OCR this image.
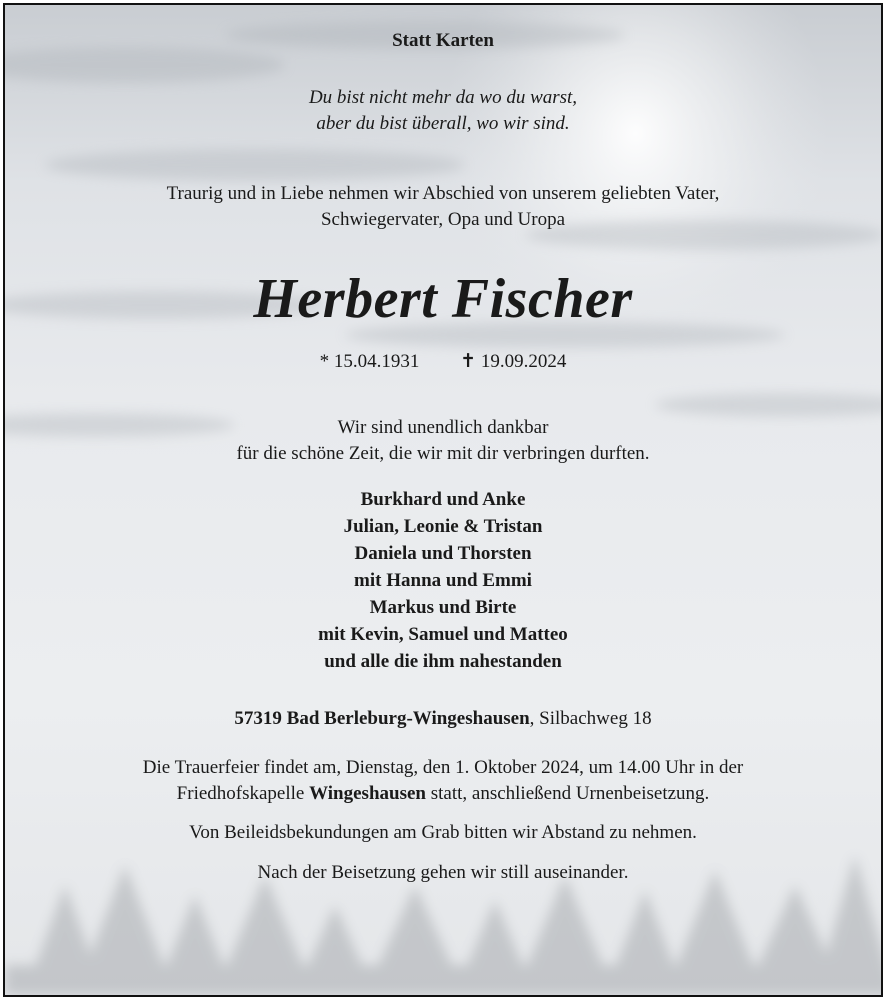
Statt Karten
Du bist nicht mehr da wo du warst,
aber du bist überall, wo wir sind.
Traurig und in Liebe nehmen wir Abschied von unserem geliebten Vater,
Schwiegervater, Opa und Uropa
Herbert Fischer
* 15.04.1931 ✝ 19.09.2024
Wir sind unendlich dankbar
für die schöne Zeit, die wir mit dir verbringen durften.
Burkhard und Anke
Julian, Leonie & Tristan
Daniela und Thorsten
mit Hanna und Emmi
Markus und Birte
mit Kevin, Samuel und Matteo
und alle die ihm nahestanden
57319 Bad Berleburg-Wingeshausen, Silbachweg 18
Die Trauerfeier findet am, Dienstag, den 1. Oktober 2024, um 14.00 Uhr in der
Friedhofskapelle Wingeshausen statt, anschließend Urnenbeisetzung.
Von Beileidsbekundungen am Grab bitten wir Abstand zu nehmen.
Nach der Beisetzung gehen wir still auseinander.
